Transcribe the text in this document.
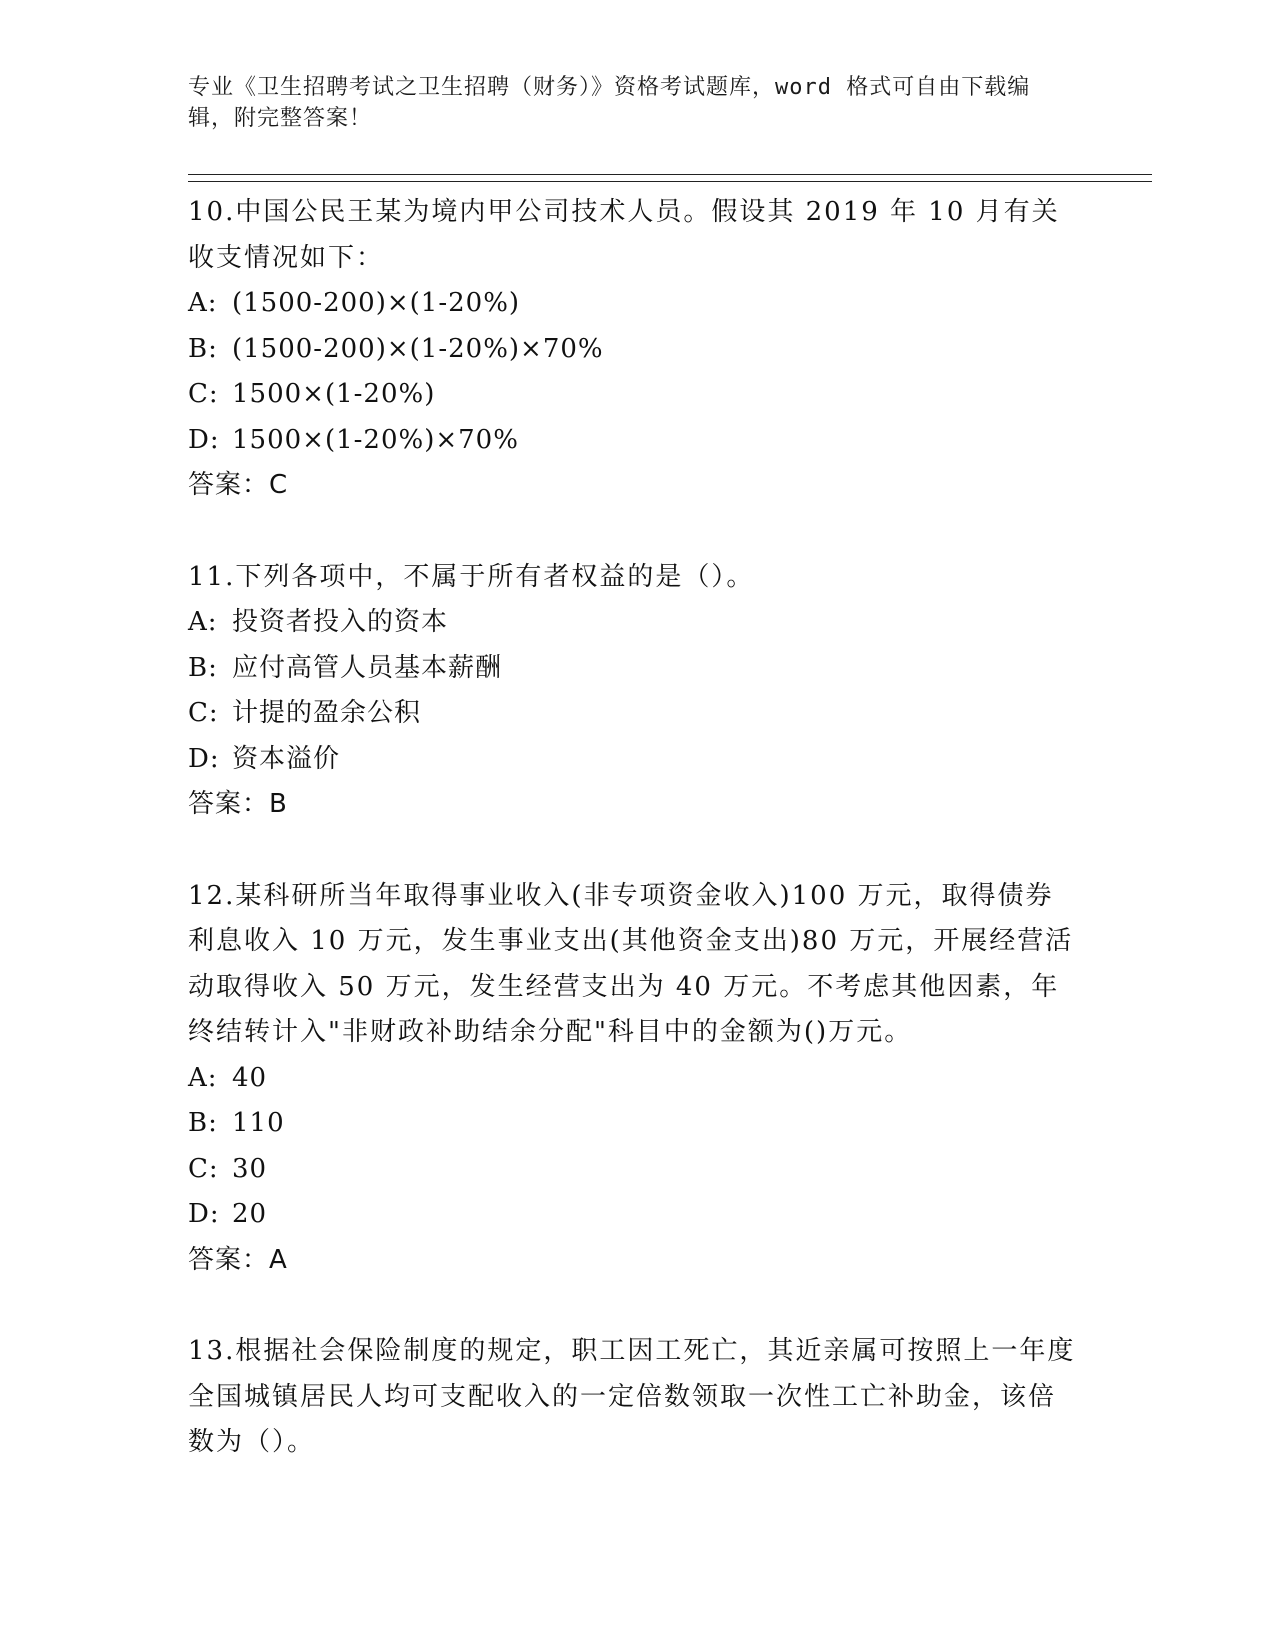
专业《卫生招聘考试之卫生招聘（财务）》资格考试题库，word 格式可自由下载编辑，附完整答案！

10.中国公民王某为境内甲公司技术人员。假设其 2019 年 10 月有关收支情况如下：

A: (1500-200)×(1-20%)
B: (1500-200)×(1-20%)×70%
C: 1500×(1-20%)
D: 1500×(1-20%)×70%
答案：C

11.下列各项中，不属于所有者权益的是（）。

A: 投资者投入的资本
B: 应付高管人员基本薪酬
C: 计提的盈余公积
D: 资本溢价
答案：B

12.某科研所当年取得事业收入(非专项资金收入)100 万元，取得债券利息收入 10 万元，发生事业支出(其他资金支出)80 万元，开展经营活动取得收入 50 万元，发生经营支出为 40 万元。不考虑其他因素，年终结转计入"非财政补助结余分配"科目中的金额为()万元。

A: 40
B: 110
C: 30
D: 20
答案：A

13.根据社会保险制度的规定，职工因工死亡，其近亲属可按照上一年度全国城镇居民人均可支配收入的一定倍数领取一次性工亡补助金，该倍数为（）。
